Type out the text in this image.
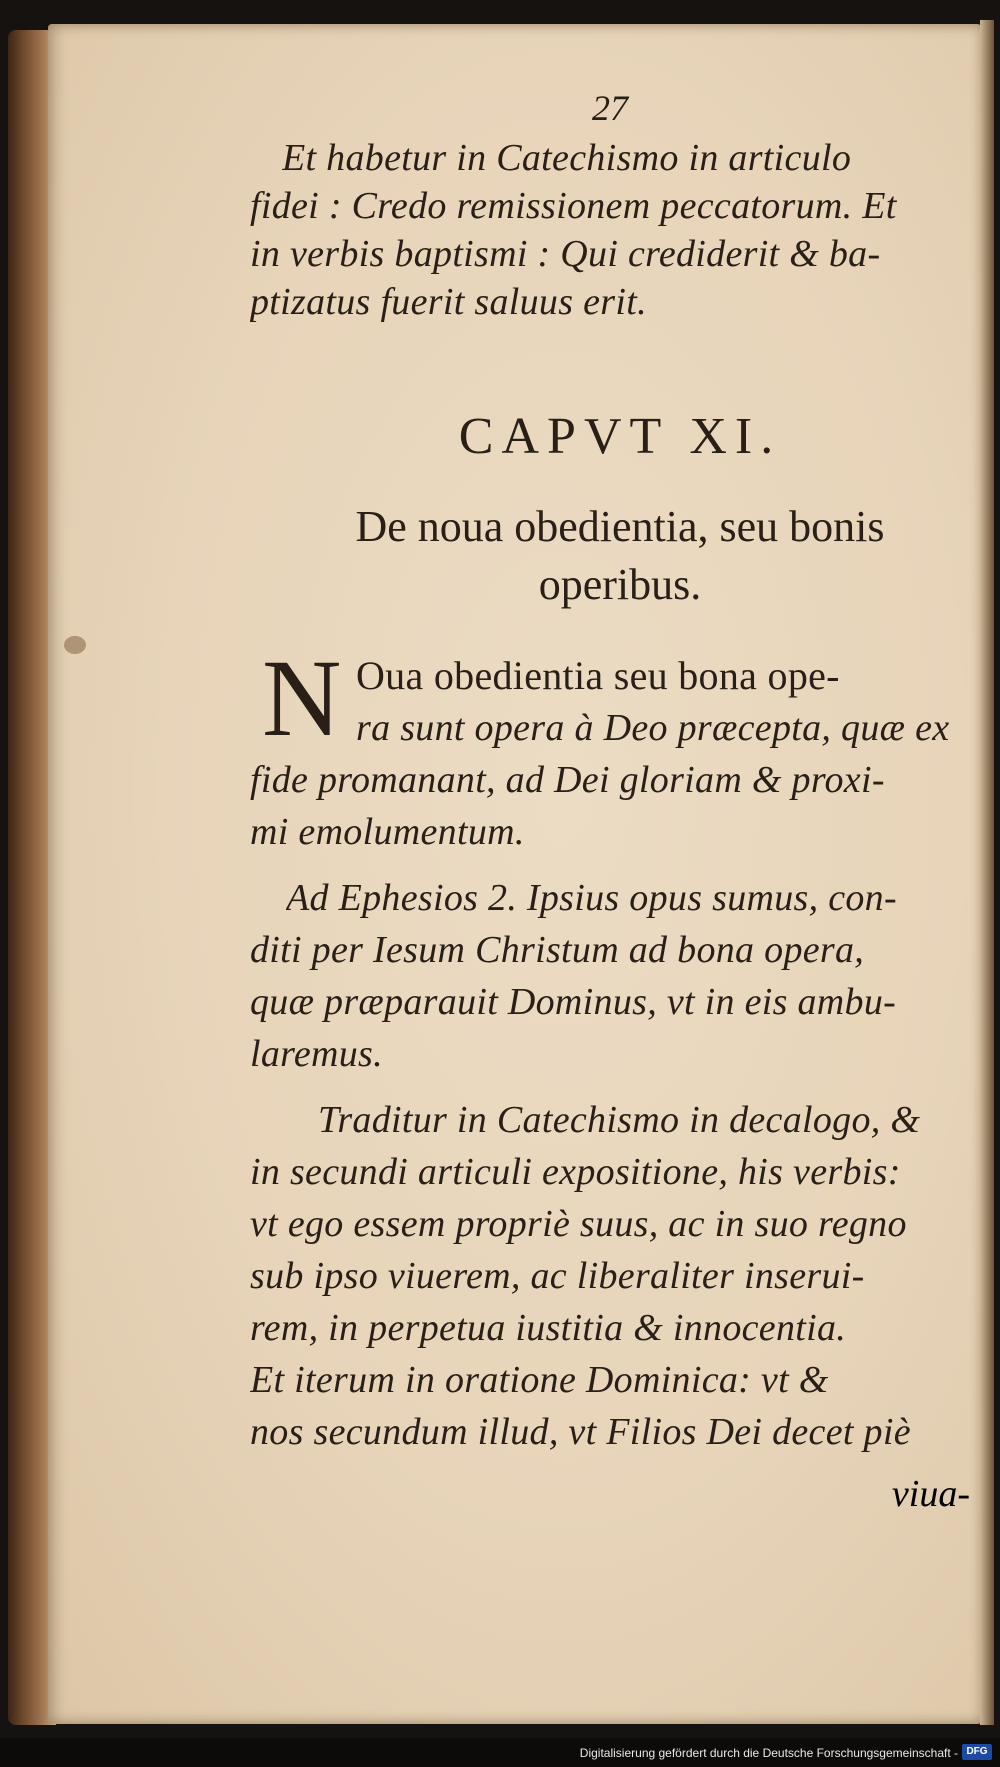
27
Et habetur in Catechismo in articulo
fidei : Credo remissionem peccatorum. Et
in verbis baptismi : Qui crediderit & ba-
ptizatus fuerit saluus erit.
CAPVT XI.
De noua obedientia, seu bonis
operibus.
N Oua obedientia seu bona ope-
ra sunt opera à Deo præcepta, quæ ex
fide promanant, ad Dei gloriam & proxi-
mi emolumentum.
Ad Ephesios 2. Ipsius opus sumus, con-
diti per Iesum Christum ad bona opera,
quæ præparauit Dominus, vt in eis ambu-
laremus.
Traditur in Catechismo in decalogo, &
in secundi articuli expositione, his verbis:
vt ego essem propriè suus, ac in suo regno
sub ipso viuerem, ac liberaliter inserui-
rem, in perpetua iustitia & innocentia.
Et iterum in oratione Dominica: vt &
nos secundum illud, vt Filios Dei decet piè
viua-
Digitalisierung gefördert durch die Deutsche Forschungsgemeinschaft - DFG
